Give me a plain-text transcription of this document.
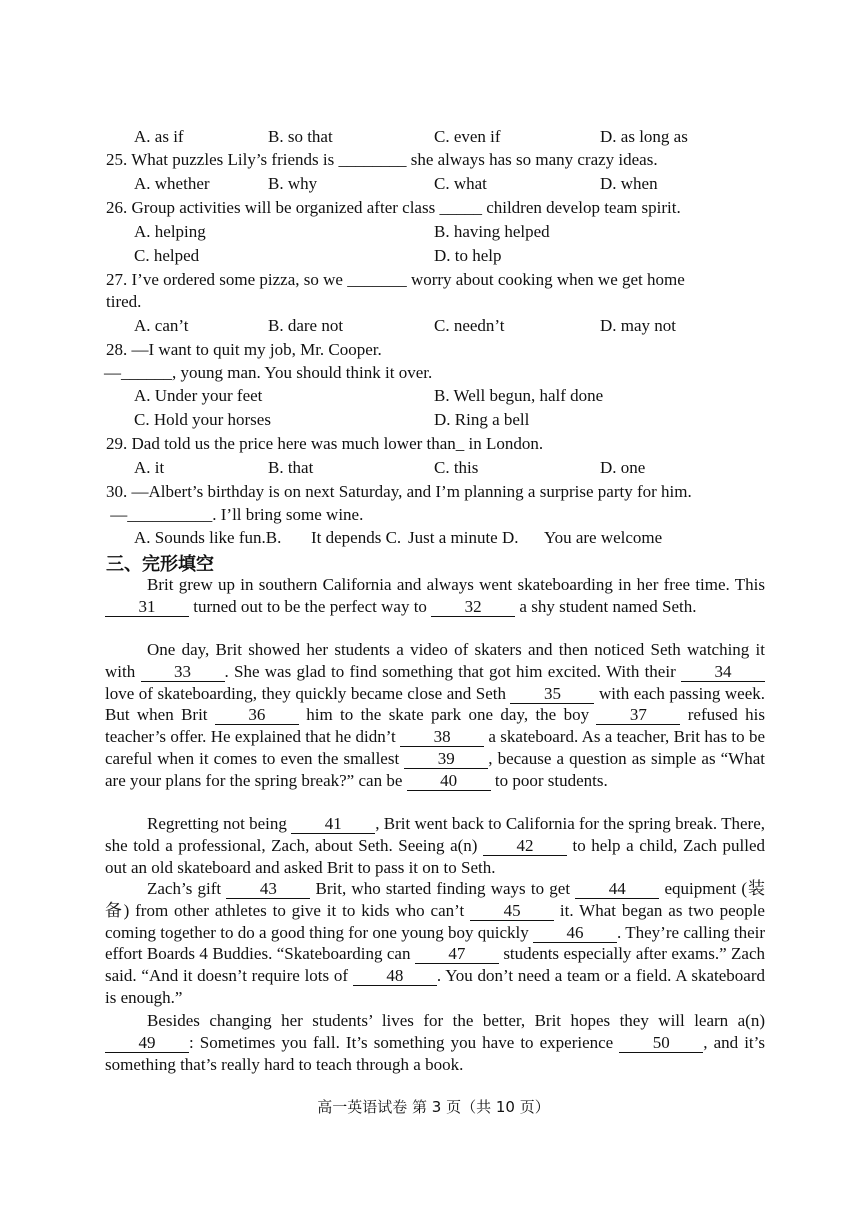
A. as if	B. so that	C. even if	D. as long as
25. What puzzles Lily’s friends is ________ she always has so many crazy ideas.
A. whether	B. why	C. what	D. when
26. Group activities will be organized after class _____ children develop team spirit.
A. helping	B. having helped
C. helped	D. to help
27. I’ve ordered some pizza, so we _______ worry about cooking when we get home
tired.
A. can’t	B. dare not	C. needn’t	D. may not
28. —I want to quit my job, Mr. Cooper.
—______, young man. You should think it over.
A. Under your feet	B. Well begun, half done
C. Hold your horses	D. Ring a bell
29. Dad told us the price here was much lower than_ in London.
A. it	B. that	C. this	D. one
30. —Albert’s birthday is on next Saturday, and I’m planning a surprise party for him.
—__________. I’ll bring some wine.
A. Sounds like fun.B. It depends C. Just a minute D. You are welcome
三、完形填空
Brit grew up in southern California and always went skateboarding in her free time. This 31 turned out to be the perfect way to 32 a shy student named Seth.
One day, Brit showed her students a video of skaters and then noticed Seth watching it with 33 . She was glad to find something that got him excited. With their 34 love of skateboarding, they quickly became close and Seth 35 with each passing week. But when Brit 36 him to the skate park one day, the boy 37 refused his teacher’s offer. He explained that he didn’t 38 a skateboard. As a teacher, Brit has to be careful when it comes to even the smallest 39 , because a question as simple as “What are your plans for the spring break?” can be 40 to poor students.
Regretting not being 41 , Brit went back to California for the spring break. There, she told a professional, Zach, about Seth. Seeing a(n) 42 to help a child, Zach pulled out an old skateboard and asked Brit to pass it on to Seth.
Zach’s gift 43 Brit, who started finding ways to get 44 equipment (装备) from other athletes to give it to kids who can’t 45 it. What began as two people coming together to do a good thing for one young boy quickly 46 . They’re calling their effort Boards 4 Buddies. “Skateboarding can 47 students especially after exams.” Zach said. “And it doesn’t require lots of 48 . You don’t need a team or a field. A skateboard is enough.”
Besides changing her students’ lives for the better, Brit hopes they will learn a(n) 49 : Sometimes you fall. It’s something you have to experience 50 , and it’s something that’s really hard to teach through a book.
高一英语试卷 第 3 页（共 10 页）
